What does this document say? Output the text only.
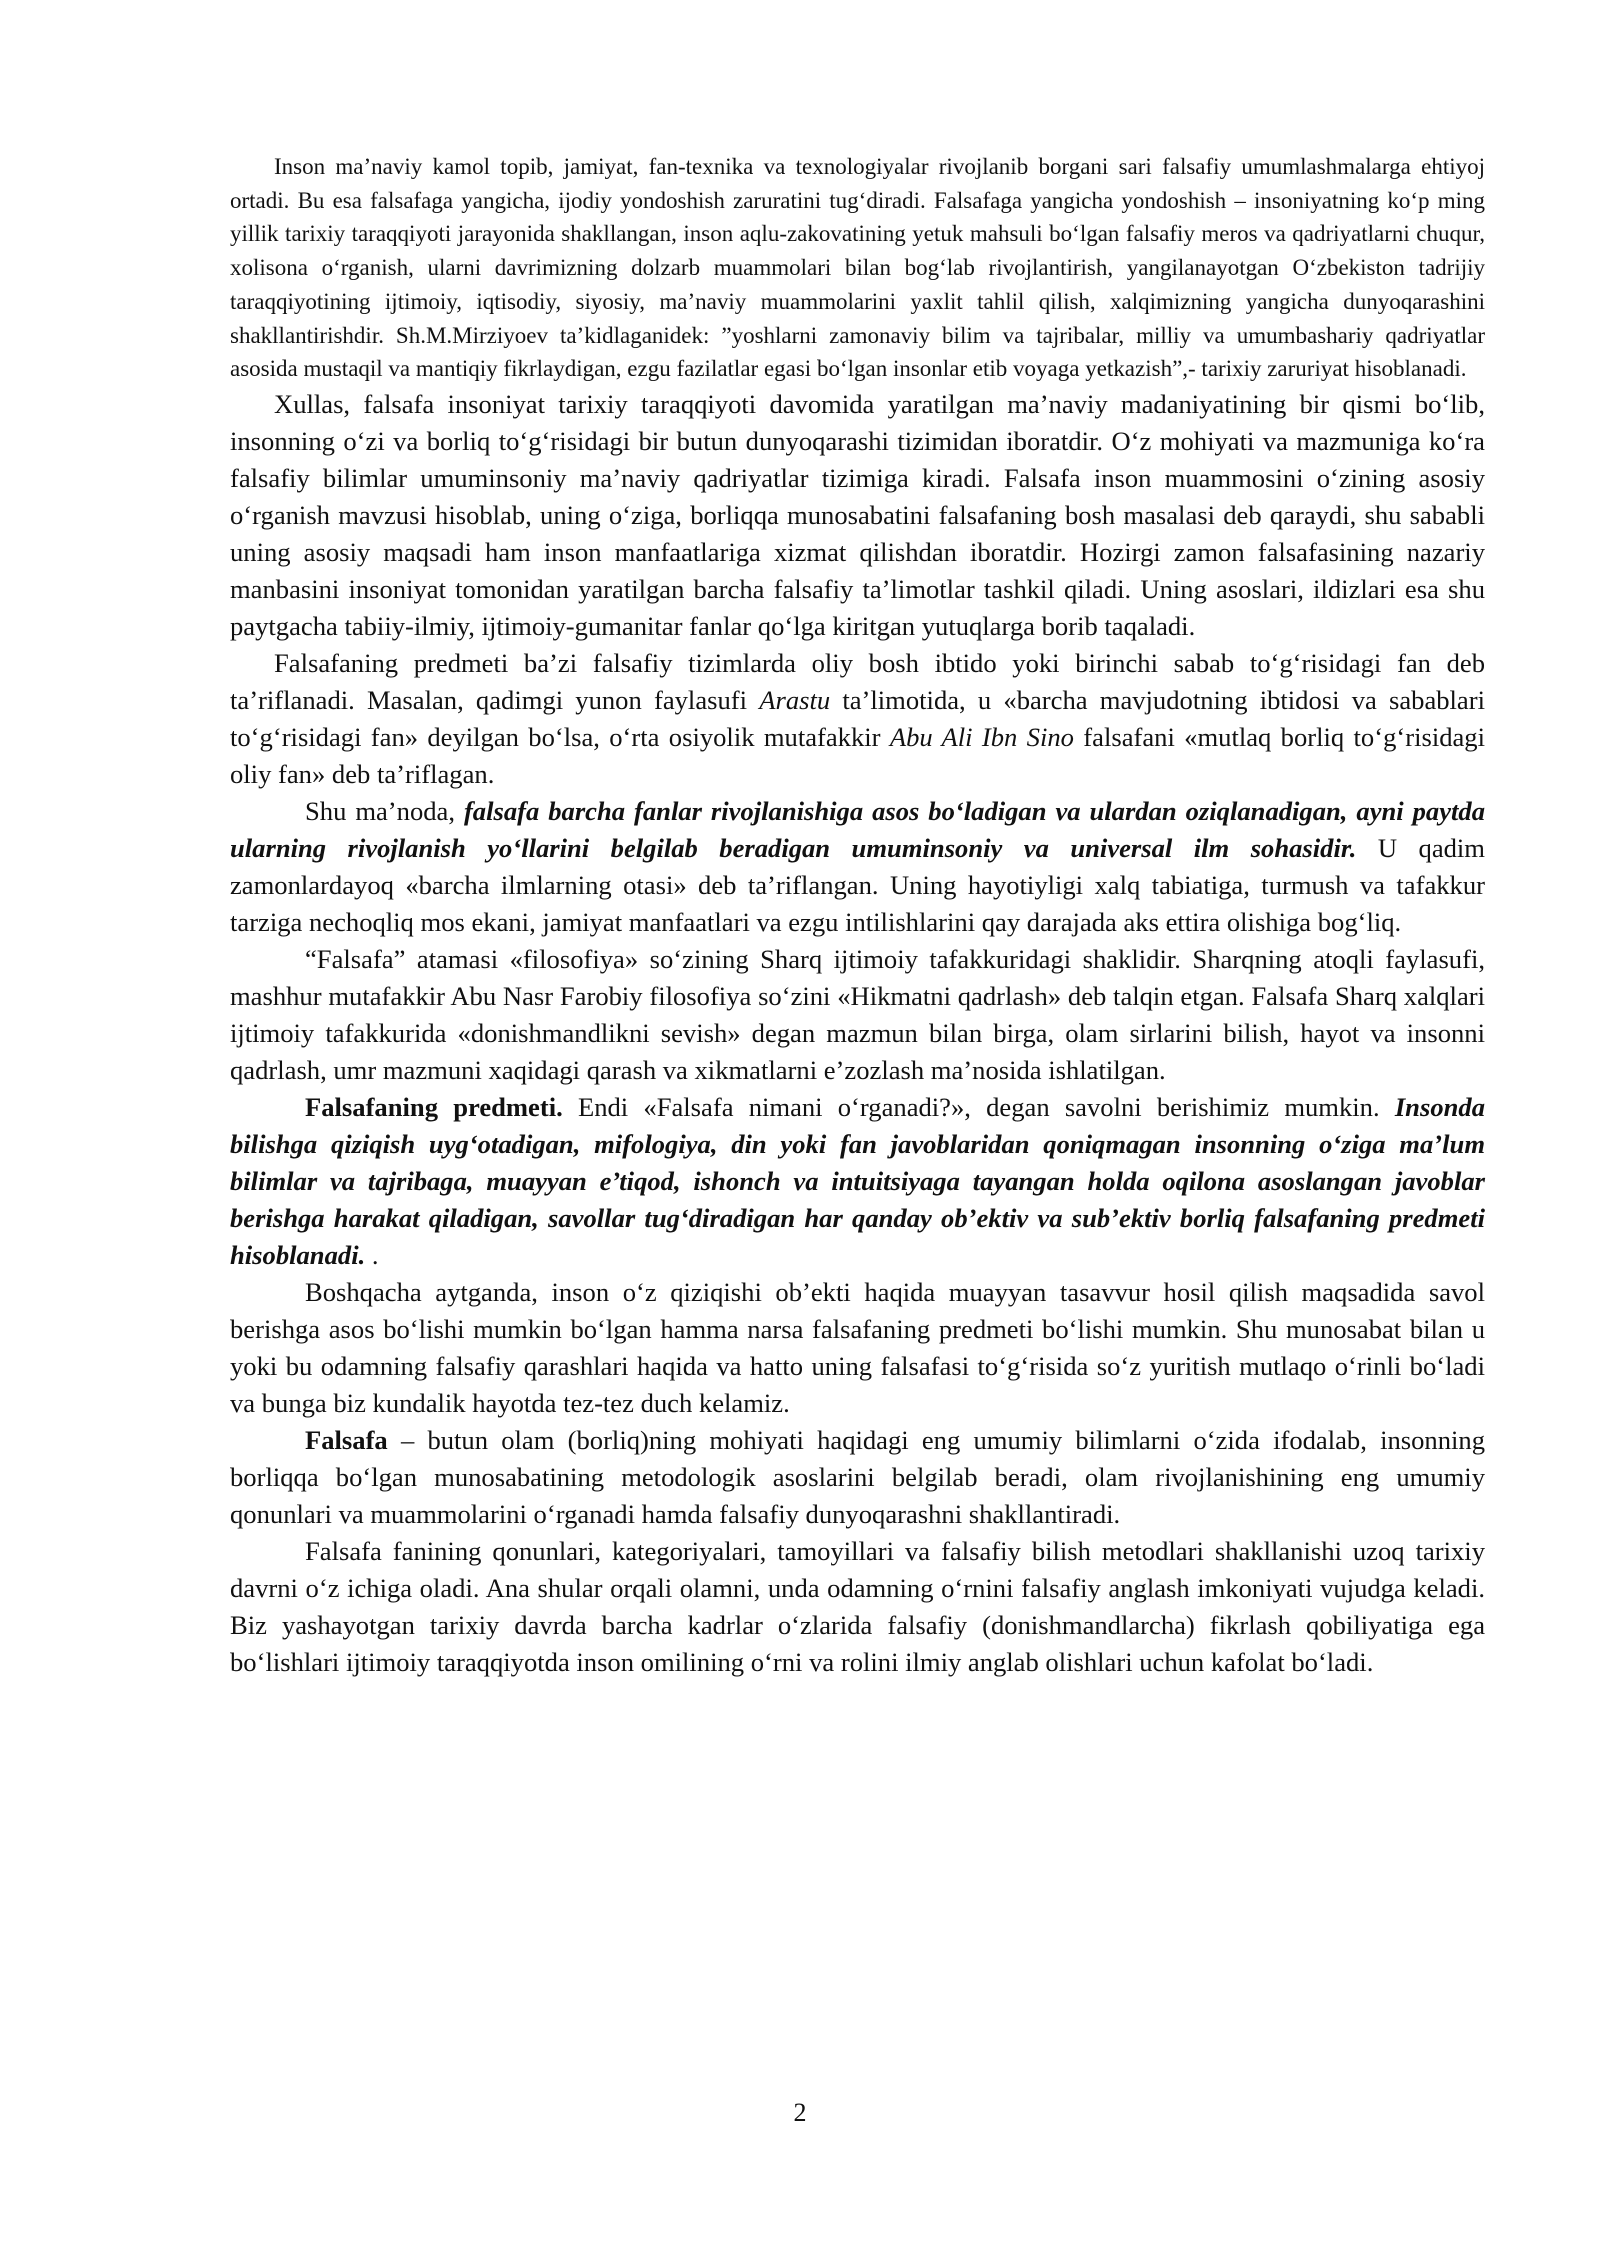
Inson ma’naviy kamol topib, jamiyat, fan-texnika va texnologiyalar rivojlanib borgani sari falsafiy umumlashmalarga ehtiyoj ortadi. Bu esa falsafaga yangicha, ijodiy yondoshish zaruratini tug‘diradi. Falsafaga yangicha yondoshish – insoniyatning ko‘p ming yillik tarixiy taraqqiyoti jarayonida shakllangan, inson aqlu-zakovatining yetuk mahsuli bo‘lgan falsafiy meros va qadriyatlarni chuqur, xolisona o‘rganish, ularni davrimizning dolzarb muammolari bilan bog‘lab rivojlantirish, yangilanayotgan O‘zbekiston tadrijiy taraqqiyotining ijtimoiy, iqtisodiy, siyosiy, ma’naviy muammolarini yaxlit tahlil qilish, xalqimizning yangicha dunyoqarashini shakllantirishdir. Sh.M.Mirziyoev ta’kidlaganidek: ”yoshlarni zamonaviy bilim va tajribalar, milliy va umumbashariy qadriyatlar asosida mustaqil va mantiqiy fikrlaydigan, ezgu fazilatlar egasi bo‘lgan insonlar etib voyaga yetkazish”,- tarixiy zaruriyat hisoblanadi.

Xullas, falsafa insoniyat tarixiy taraqqiyoti davomida yaratilgan ma’naviy madaniyatining bir qismi bo‘lib, insonning o‘zi va borliq to‘g‘risidagi bir butun dunyoqarashi tizimidan iboratdir. O‘z mohiyati va mazmuniga ko‘ra falsafiy bilimlar umuminsoniy ma’naviy qadriyatlar tizimiga kiradi. Falsafa inson muammosini o‘zining asosiy o‘rganish mavzusi hisoblab, uning o‘ziga, borliqqa munosabatini falsafaning bosh masalasi deb qaraydi, shu sababli uning asosiy maqsadi ham inson manfaatlariga xizmat qilishdan iboratdir. Hozirgi zamon falsafasining nazariy manbasini insoniyat tomonidan yaratilgan barcha falsafiy ta’limotlar tashkil qiladi. Uning asoslari, ildizlari esa shu paytgacha tabiiy-ilmiy, ijtimoiy-gumanitar fanlar qo‘lga kiritgan yutuqlarga borib taqaladi.

Falsafaning predmeti ba’zi falsafiy tizimlarda oliy bosh ibtido yoki birinchi sabab to‘g‘risidagi fan deb ta’riflanadi. Masalan, qadimgi yunon faylasufi Arastu ta’limotida, u «barcha mavjudotning ibtidosi va sabablari to‘g‘risidagi fan» deyilgan bo‘lsa, o‘rta osiyolik mutafakkir Abu Ali Ibn Sino falsafani «mutlaq borliq to‘g‘risidagi oliy fan» deb ta’riflagan.

Shu ma’noda, falsafa barcha fanlar rivojlanishiga asos bo‘ladigan va ulardan oziqlanadigan, ayni paytda ularning rivojlanish yo‘llarini belgilab beradigan umuminsoniy va universal ilm sohasidir. U qadim zamonlardayoq «barcha ilmlarning otasi» deb ta’riflangan. Uning hayotiyligi xalq tabiatiga, turmush va tafakkur tarziga nechoqliq mos ekani, jamiyat manfaatlari va ezgu intilishlarini qay darajada aks ettira olishiga bog‘liq.

“Falsafa” atamasi «filosofiya» so‘zining Sharq ijtimoiy tafakkuridagi shaklidir. Sharqning atoqli faylasufi, mashhur mutafakkir Abu Nasr Farobiy filosofiya so‘zini «Hikmatni qadrlash» deb talqin etgan. Falsafa Sharq xalqlari ijtimoiy tafakkurida «donishmandlikni sevish» degan mazmun bilan birga, olam sirlarini bilish, hayot va insonni qadrlash, umr mazmuni xaqidagi qarash va xikmatlarni e’zozlash ma’nosida ishlatilgan.

Falsafaning predmeti. Endi «Falsafa nimani o‘rganadi?», degan savolni berishimiz mumkin. Insonda bilishga qiziqish uyg‘otadigan, mifologiya, din yoki fan javoblaridan qoniqmagan insonning o‘ziga ma’lum bilimlar va tajribaga, muayyan e’tiqod, ishonch va intuitsiyaga tayangan holda oqilona asoslangan javoblar berishga harakat qiladigan, savollar tug‘diradigan har qanday ob’ektiv va sub’ektiv borliq falsafaning predmeti hisoblanadi. .

Boshqacha aytganda, inson o‘z qiziqishi ob’ekti haqida muayyan tasavvur hosil qilish maqsadida savol berishga asos bo‘lishi mumkin bo‘lgan hamma narsa falsafaning predmeti bo‘lishi mumkin. Shu munosabat bilan u yoki bu odamning falsafiy qarashlari haqida va hatto uning falsafasi to‘g‘risida so‘z yuritish mutlaqo o‘rinli bo‘ladi va bunga biz kundalik hayotda tez-tez duch kelamiz.

Falsafa – butun olam (borliq)ning mohiyati haqidagi eng umumiy bilimlarni o‘zida ifodalab, insonning borliqqa bo‘lgan munosabatining metodologik asoslarini belgilab beradi, olam rivojlanishining eng umumiy qonunlari va muammolarini o‘rganadi hamda falsafiy dunyoqarashni shakllantiradi.

Falsafa fanining qonunlari, kategoriyalari, tamoyillari va falsafiy bilish metodlari shakllanishi uzoq tarixiy davrni o‘z ichiga oladi. Ana shular orqali olamni, unda odamning o‘rnini falsafiy anglash imkoniyati vujudga keladi. Biz yashayotgan tarixiy davrda barcha kadrlar o‘zlarida falsafiy (donishmandlarcha) fikrlash qobiliyatiga ega bo‘lishlari ijtimoiy taraqqiyotda inson omilining o‘rni va rolini ilmiy anglab olishlari uchun kafolat bo‘ladi.

2
